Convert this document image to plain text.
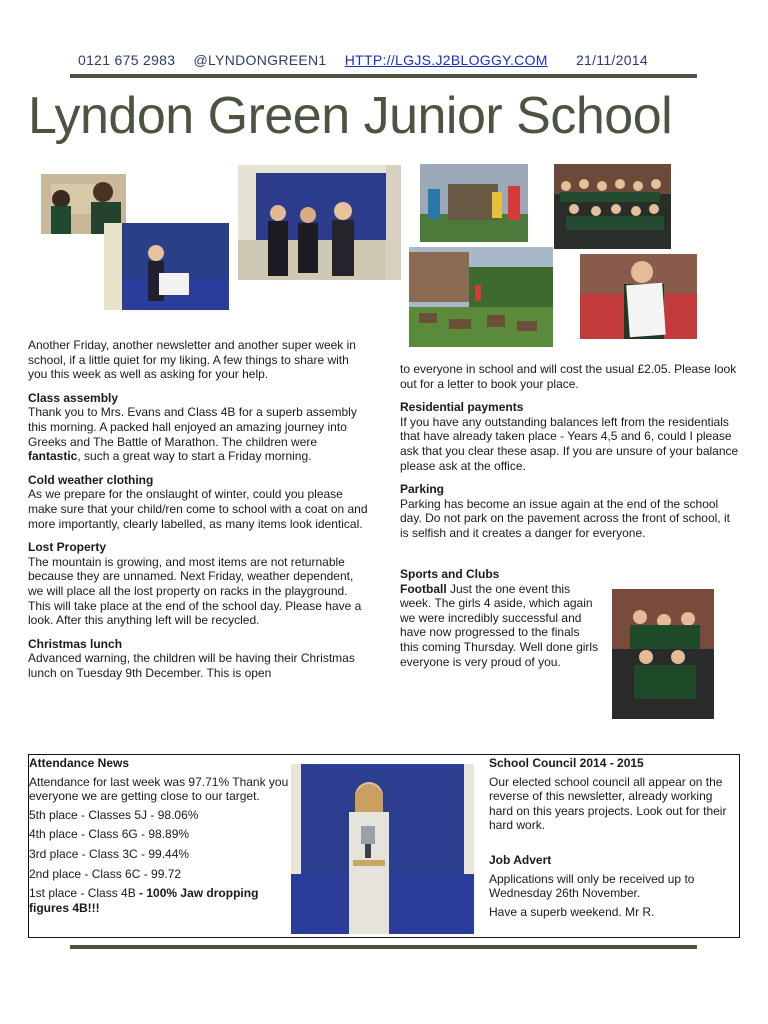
0121 675 2983 @LYNDONGREEN1 HTTP://LGJS.J2BLOGGY.COM 21/11/2014
Lyndon Green Junior School

Another Friday, another newsletter and another super week in school, if a little quiet for my liking. A few things to share with you this week as well as asking for your help.

Class assembly

Thank you to Mrs. Evans and Class 4B for a superb assembly this morning. A packed hall enjoyed an amazing journey into Greeks and The Battle of Marathon. The children were fantastic, such a great way to start a Friday morning.

Cold weather clothing

As we prepare for the onslaught of winter, could you please make sure that your child/ren come to school with a coat on and more importantly, clearly labelled, as many items look identical.

Lost Property

The mountain is growing, and most items are not returnable because they are unnamed. Next Friday, weather dependent, we will place all the lost property on racks in the playground. This will take place at the end of the school day. Please have a look. After this anything left will be recycled.

Christmas lunch

Advanced warning, the children will be having their Christmas lunch on Tuesday 9th December. This is open

to everyone in school and will cost the usual £2.05. Please look out for a letter to book your place.

Residential payments

If you have any outstanding balances left from the residentials that have already taken place - Years 4,5 and 6, could I please ask that you clear these asap. If you are unsure of your balance please ask at the office.

Parking

Parking has become an issue again at the end of the school day. Do not park on the pavement across the front of school, it is selfish and it creates a danger for everyone.

Sports and Clubs

Football Just the one event this week. The girls 4 aside, which again we were incredibly successful and have now progressed to the finals this coming Thursday. Well done girls everyone is very proud of you.

Attendance News

Attendance for last week was 97.71% Thank you everyone we are getting close to our target.

5th place - Classes 5J - 98.06%

4th place - Class 6G - 98.89%

3rd place - Class 3C - 99.44%

2nd place - Class 6C - 99.72

1st place - Class 4B - 100% Jaw dropping figures 4B!!!

School Council 2014 - 2015

Our elected school council all appear on the reverse of this newsletter, already working hard on this years projects. Look out for their hard work.

Job Advert

Applications will only be received up to Wednesday 26th November.

Have a superb weekend. Mr R.
